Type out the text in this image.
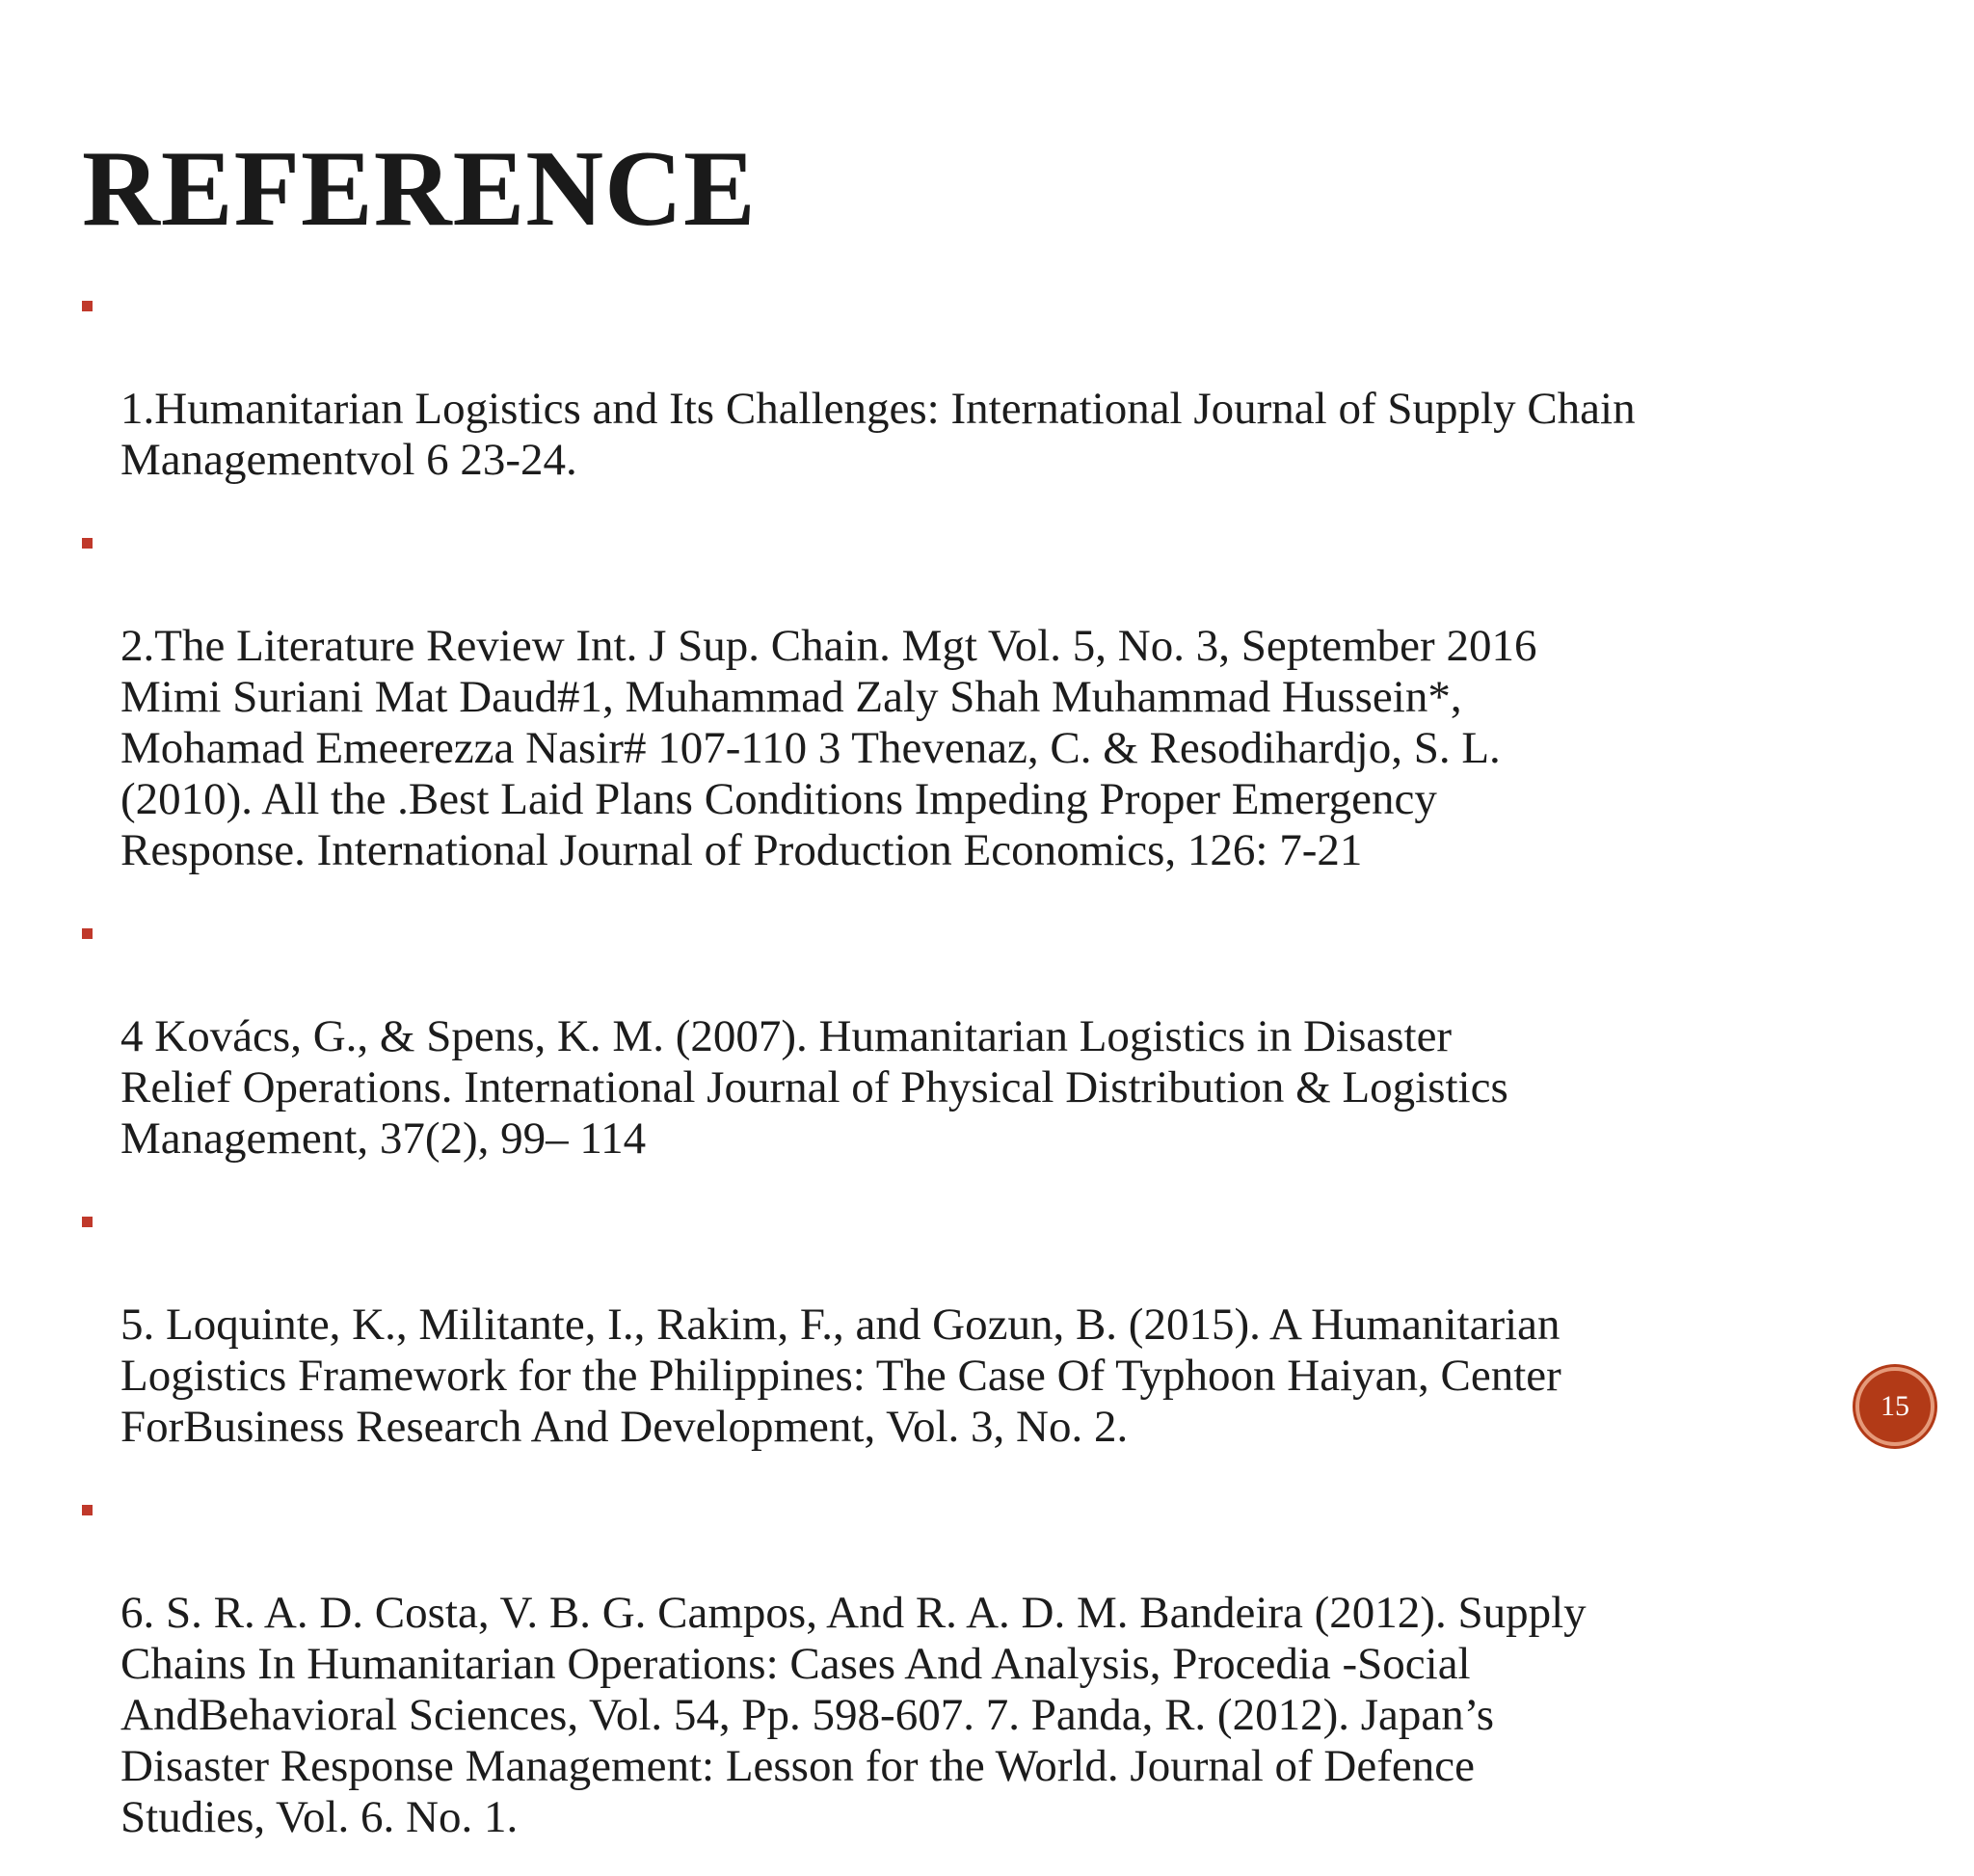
REFERENCE

1.Humanitarian Logistics and Its Challenges: International Journal of Supply Chain
Managementvol 6 23-24.

2.The Literature Review Int. J Sup. Chain. Mgt Vol. 5, No. 3, September 2016
Mimi Suriani Mat Daud#1, Muhammad Zaly Shah Muhammad Hussein*,
Mohamad Emeerezza Nasir# 107-110 3 Thevenaz, C. & Resodihardjo, S. L.
(2010). All the .Best Laid Plans Conditions Impeding Proper Emergency
Response. International Journal of Production Economics, 126: 7-21

4 Kovács, G., & Spens, K. M. (2007). Humanitarian Logistics in Disaster
Relief Operations. International Journal of Physical Distribution & Logistics
Management, 37(2), 99– 114

5. Loquinte, K., Militante, I., Rakim, F., and Gozun, B. (2015). A Humanitarian
Logistics Framework for the Philippines: The Case Of Typhoon Haiyan, Center
ForBusiness Research And Development, Vol. 3, No. 2.

6. S. R. A. D. Costa, V. B. G. Campos, And R. A. D. M. Bandeira (2012). Supply
Chains In Humanitarian Operations: Cases And Analysis, Procedia -Social
AndBehavioral Sciences, Vol. 54, Pp. 598-607. 7. Panda, R. (2012). Japan’s
Disaster Response Management: Lesson for the World. Journal of Defence
Studies, Vol. 6. No. 1.

15
